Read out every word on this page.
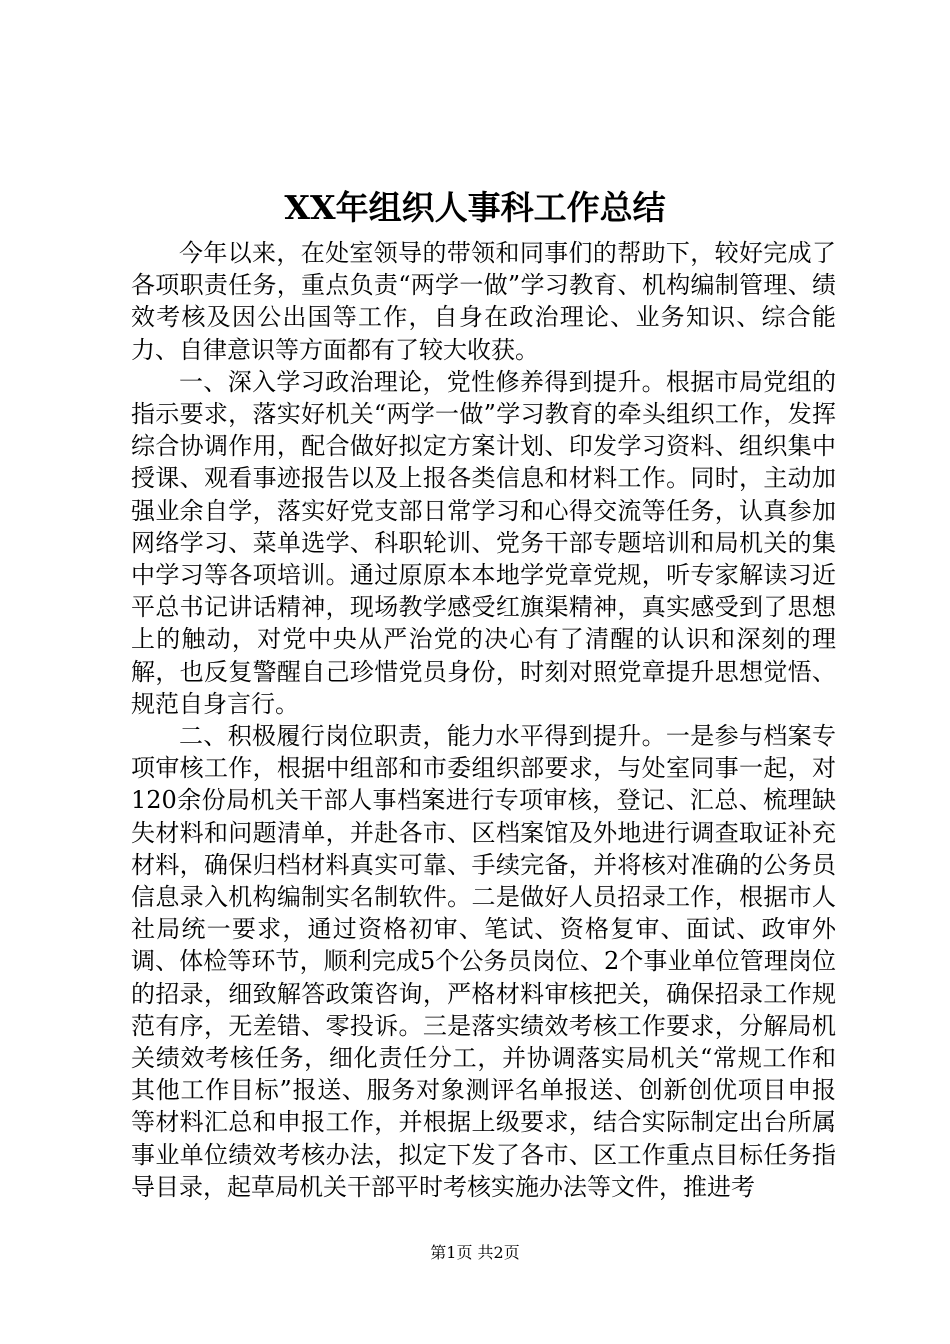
XX年组织人事科工作总结

今年以来，在处室领导的带领和同事们的帮助下，较好完成了各项职责任务，重点负责“两学一做”学习教育、机构编制管理、绩效考核及因公出国等工作，自身在政治理论、业务知识、综合能力、自律意识等方面都有了较大收获。

一、深入学习政治理论，党性修养得到提升。根据市局党组的指示要求，落实好机关“两学一做”学习教育的牵头组织工作，发挥综合协调作用，配合做好拟定方案计划、印发学习资料、组织集中授课、观看事迹报告以及上报各类信息和材料工作。同时，主动加强业余自学，落实好党支部日常学习和心得交流等任务，认真参加网络学习、菜单选学、科职轮训、党务干部专题培训和局机关的集中学习等各项培训。通过原原本本地学党章党规，听专家解读习近平总书记讲话精神，现场教学感受红旗渠精神，真实感受到了思想上的触动，对党中央从严治党的决心有了清醒的认识和深刻的理解，也反复警醒自己珍惜党员身份，时刻对照党章提升思想觉悟、规范自身言行。

二、积极履行岗位职责，能力水平得到提升。一是参与档案专项审核工作，根据中组部和市委组织部要求，与处室同事一起，对120余份局机关干部人事档案进行专项审核，登记、汇总、梳理缺失材料和问题清单，并赴各市、区档案馆及外地进行调查取证补充材料，确保归档材料真实可靠、手续完备，并将核对准确的公务员信息录入机构编制实名制软件。二是做好人员招录工作，根据市人社局统一要求，通过资格初审、笔试、资格复审、面试、政审外调、体检等环节，顺利完成5个公务员岗位、2个事业单位管理岗位的招录，细致解答政策咨询，严格材料审核把关，确保招录工作规范有序，无差错、零投诉。三是落实绩效考核工作要求，分解局机关绩效考核任务，细化责任分工，并协调落实局机关“常规工作和其他工作目标”报送、服务对象测评名单报送、创新创优项目申报等材料汇总和申报工作，并根据上级要求，结合实际制定出台所属事业单位绩效考核办法，拟定下发了各市、区工作重点目标任务指导目录，起草局机关干部平时考核实施办法等文件，推进考

第1页 共2页
